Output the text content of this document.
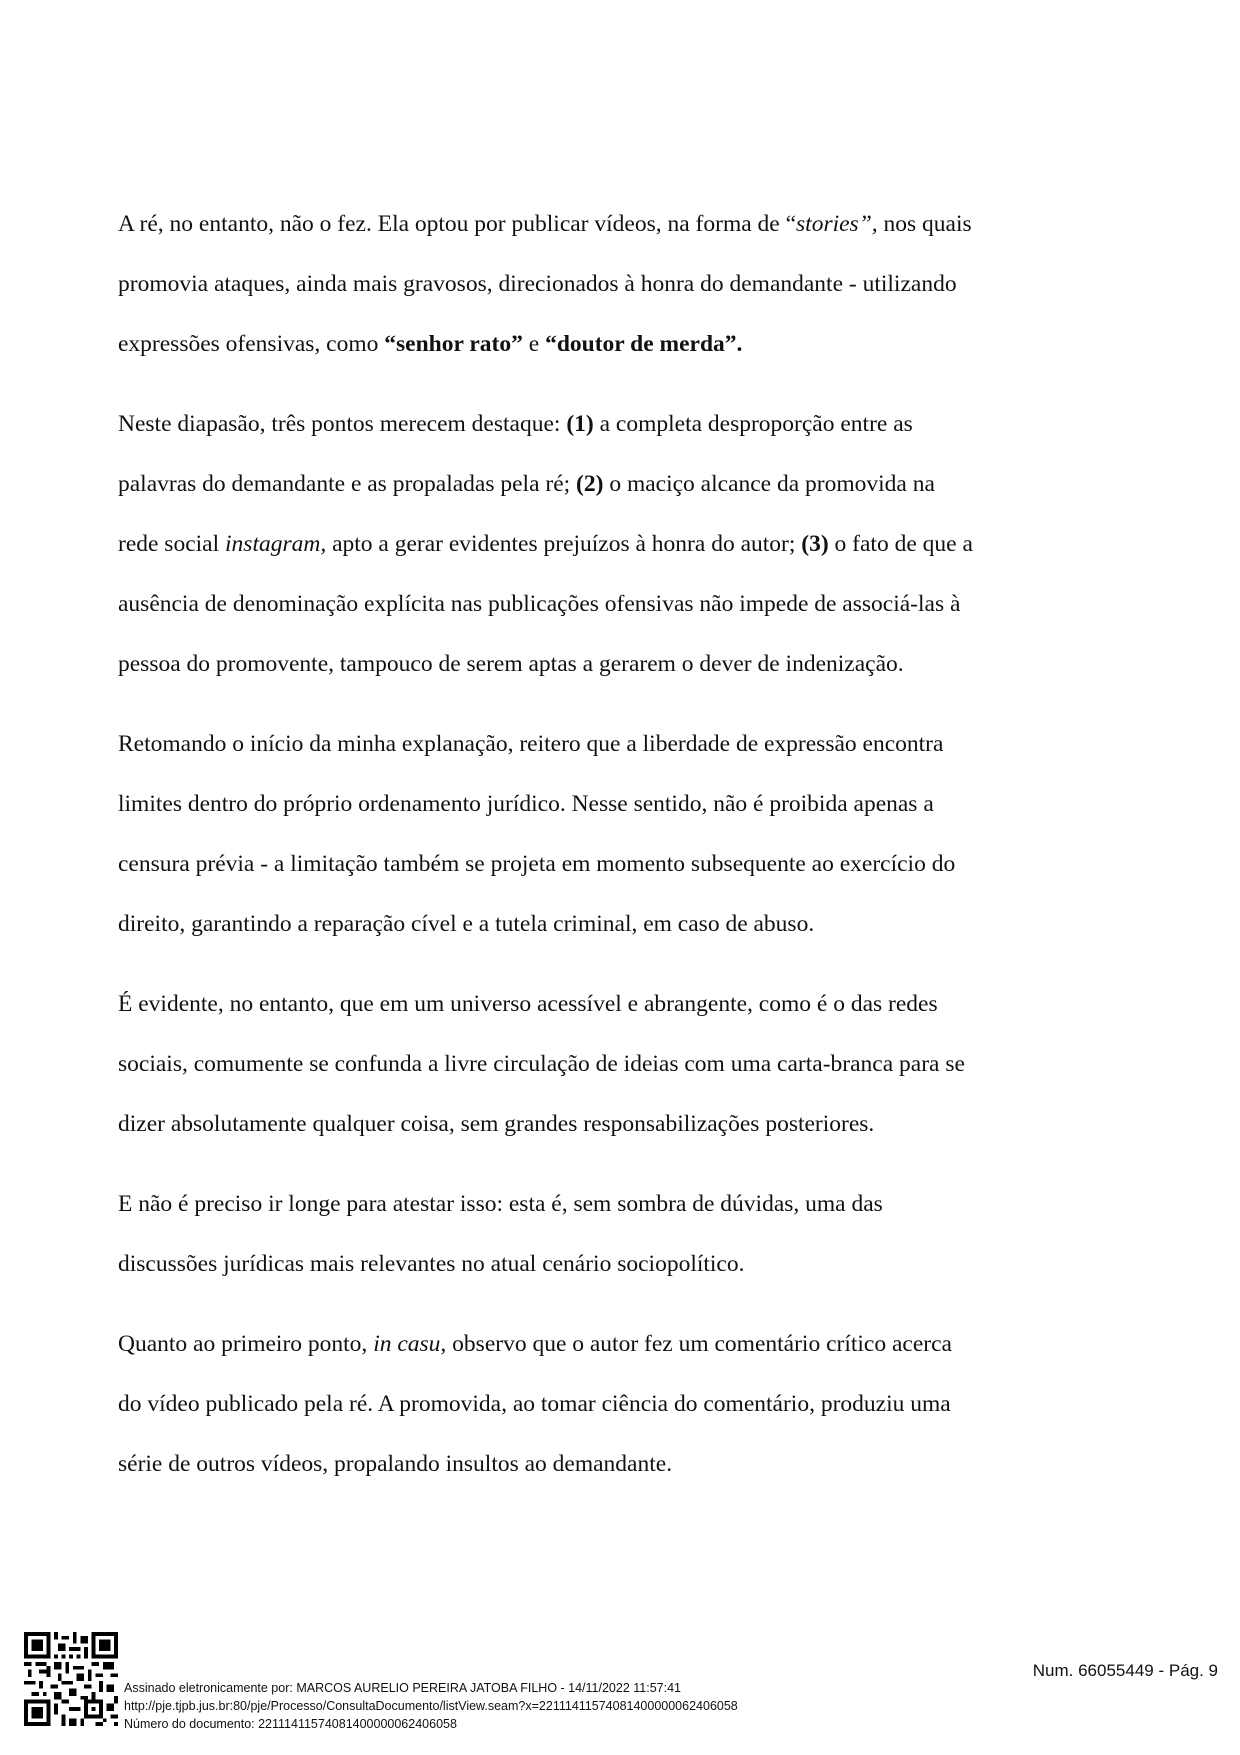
A ré, no entanto, não o fez. Ela optou por publicar vídeos, na forma de “stories”, nos quais
promovia ataques, ainda mais gravosos, direcionados à honra do demandante - utilizando
expressões ofensivas, como “senhor rato” e “doutor de merda”.
Neste diapasão, três pontos merecem destaque: (1) a completa desproporção entre as
palavras do demandante e as propaladas pela ré; (2) o maciço alcance da promovida na
rede social instagram, apto a gerar evidentes prejuízos à honra do autor; (3) o fato de que a
ausência de denominação explícita nas publicações ofensivas não impede de associá-las à
pessoa do promovente, tampouco de serem aptas a gerarem o dever de indenização.
Retomando o início da minha explanação, reitero que a liberdade de expressão encontra
limites dentro do próprio ordenamento jurídico. Nesse sentido, não é proibida apenas a
censura prévia - a limitação também se projeta em momento subsequente ao exercício do
direito, garantindo a reparação cível e a tutela criminal, em caso de abuso.
É evidente, no entanto, que em um universo acessível e abrangente, como é o das redes
sociais, comumente se confunda a livre circulação de ideias com uma carta-branca para se
dizer absolutamente qualquer coisa, sem grandes responsabilizações posteriores.
E não é preciso ir longe para atestar isso: esta é, sem sombra de dúvidas, uma das
discussões jurídicas mais relevantes no atual cenário sociopolítico.
Quanto ao primeiro ponto, in casu, observo que o autor fez um comentário crítico acerca
do vídeo publicado pela ré. A promovida, ao tomar ciência do comentário, produziu uma
série de outros vídeos, propalando insultos ao demandante.
Assinado eletronicamente por: MARCOS AURELIO PEREIRA JATOBA FILHO - 14/11/2022 11:57:41
http://pje.tjpb.jus.br:80/pje/Processo/ConsultaDocumento/listView.seam?x=22111411574081400000062406058
Número do documento: 22111411574081400000062406058
Num. 66055449 - Pág. 9
